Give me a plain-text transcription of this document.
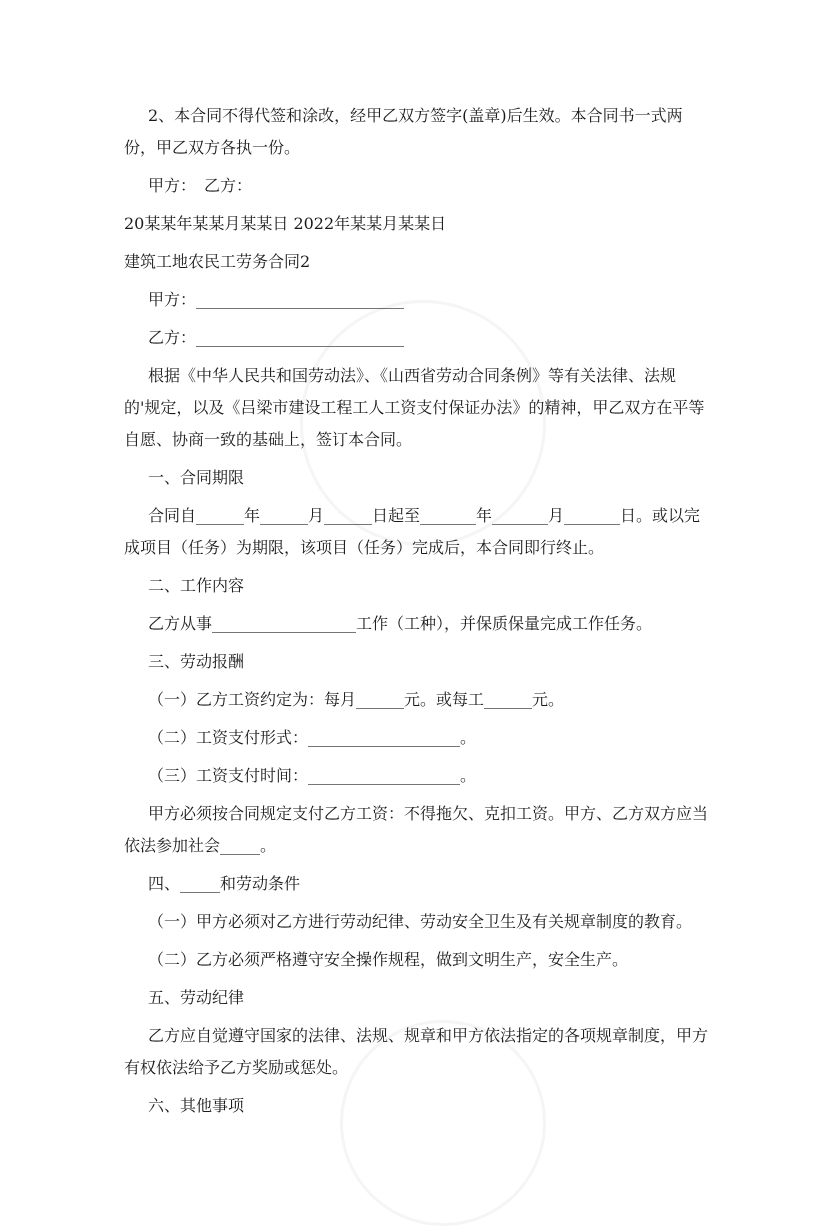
2、本合同不得代签和涂改，经甲乙双方签字(盖章)后生效。本合同书一式两份，甲乙双方各执一份。

甲方：　乙方：

20某某年某某月某某日 2022年某某月某某日

建筑工地农民工劳务合同2

甲方：__________________________

乙方：__________________________

根据《中华人民共和国劳动法》、《山西省劳动合同条例》等有关法律、法规的'规定，以及《吕梁市建设工程工人工资支付保证办法》的精神，甲乙双方在平等自愿、协商一致的基础上，签订本合同。

一、合同期限

合同自______年______月______日起至_______年_______月_______日。或以完成项目（任务）为期限，该项目（任务）完成后，本合同即行终止。

二、工作内容

乙方从事__________________工作（工种），并保质保量完成工作任务。

三、劳动报酬

（一）乙方工资约定为：每月______元。或每工______元。

（二）工资支付形式：___________________。

（三）工资支付时间：___________________。

甲方必须按合同规定支付乙方工资：不得拖欠、克扣工资。甲方、乙方双方应当依法参加社会_____。

四、_____和劳动条件

（一）甲方必须对乙方进行劳动纪律、劳动安全卫生及有关规章制度的教育。

（二）乙方必须严格遵守安全操作规程，做到文明生产，安全生产。

五、劳动纪律

乙方应自觉遵守国家的法律、法规、规章和甲方依法指定的各项规章制度，甲方有权依法给予乙方奖励或惩处。

六、其他事项
